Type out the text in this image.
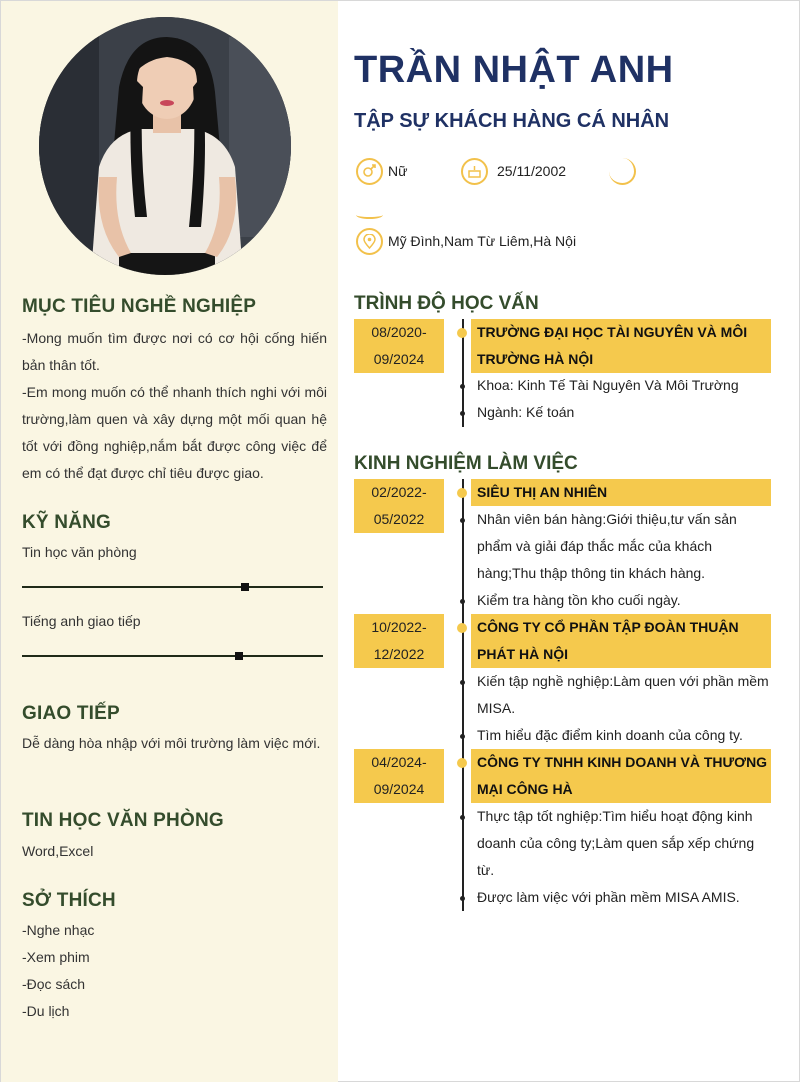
MỤC TIÊU NGHỀ NGHIỆP
-Mong muốn tìm được nơi có cơ hội cống hiến bản thân tốt.
-Em mong muốn có thể nhanh thích nghi với môi trường,làm quen và xây dựng một mối quan hệ tốt với đồng nghiệp,nắm bắt được công việc để em có thể đạt được chỉ tiêu được giao.
KỸ NĂNG
Tin học văn phòng
Tiếng anh giao tiếp
GIAO TIẾP
Dễ dàng hòa nhập với môi trường làm việc mới.
TIN HỌC VĂN PHÒNG
Word,Excel
SỞ THÍCH
-Nghe nhạc
-Xem phim
-Đọc sách
-Du lịch
TRẦN NHẬT ANH
TẬP SỰ KHÁCH HÀNG CÁ NHÂN
Nữ	25/11/2002
Mỹ Đình,Nam Từ Liêm,Hà Nội
TRÌNH ĐỘ HỌC VẤN
08/2020-
09/2024
TRƯỜNG ĐẠI HỌC TÀI NGUYÊN VÀ MÔI TRƯỜNG HÀ NỘI
Khoa: Kinh Tế Tài Nguyên Và Môi Trường
Ngành: Kế toán
KINH NGHIỆM LÀM VIỆC
02/2022-
05/2022
SIÊU THỊ AN NHIÊN
Nhân viên bán hàng:Giới thiệu,tư vấn sản phẩm và giải đáp thắc mắc của khách hàng;Thu thập thông tin khách hàng.
Kiểm tra hàng tồn kho cuối ngày.
10/2022-
12/2022
CÔNG TY CỔ PHẦN TẬP ĐOÀN THUẬN PHÁT HÀ NỘI
Kiến tập nghề nghiệp:Làm quen với phần mềm MISA.
Tìm hiểu đặc điểm kinh doanh của công ty.
04/2024-
09/2024
CÔNG TY TNHH KINH DOANH VÀ THƯƠNG MẠI CÔNG HÀ
Thực tập tốt nghiệp:Tìm hiểu hoạt động kinh doanh của công ty;Làm quen sắp xếp chứng từ.
Được làm việc với phần mềm MISA AMIS.
